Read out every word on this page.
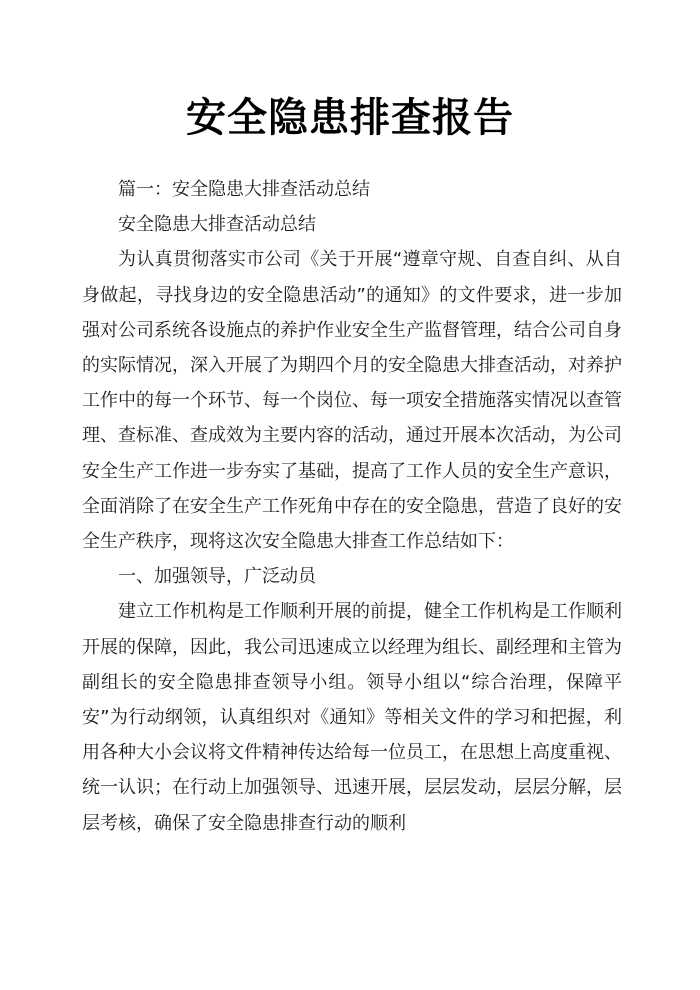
安全隐患排查报告

篇一：安全隐患大排查活动总结

安全隐患大排查活动总结

为认真贯彻落实市公司《关于开展“遵章守规、自查自纠、从自身做起，寻找身边的安全隐患活动”的通知》的文件要求，进一步加强对公司系统各设施点的养护作业安全生产监督管理，结合公司自身的实际情况，深入开展了为期四个月的安全隐患大排查活动，对养护工作中的每一个环节、每一个岗位、每一项安全措施落实情况以查管理、查标准、查成效为主要内容的活动，通过开展本次活动，为公司安全生产工作进一步夯实了基础，提高了工作人员的安全生产意识，全面消除了在安全生产工作死角中存在的安全隐患，营造了良好的安全生产秩序，现将这次安全隐患大排查工作总结如下：

一、加强领导，广泛动员

建立工作机构是工作顺利开展的前提，健全工作机构是工作顺利开展的保障，因此，我公司迅速成立以经理为组长、副经理和主管为副组长的安全隐患排查领导小组。领导小组以“综合治理，保障平安”为行动纲领，认真组织对《通知》等相关文件的学习和把握，利用各种大小会议将文件精神传达给每一位员工，在思想上高度重视、统一认识；在行动上加强领导、迅速开展，层层发动，层层分解，层层考核，确保了安全隐患排查行动的顺利
